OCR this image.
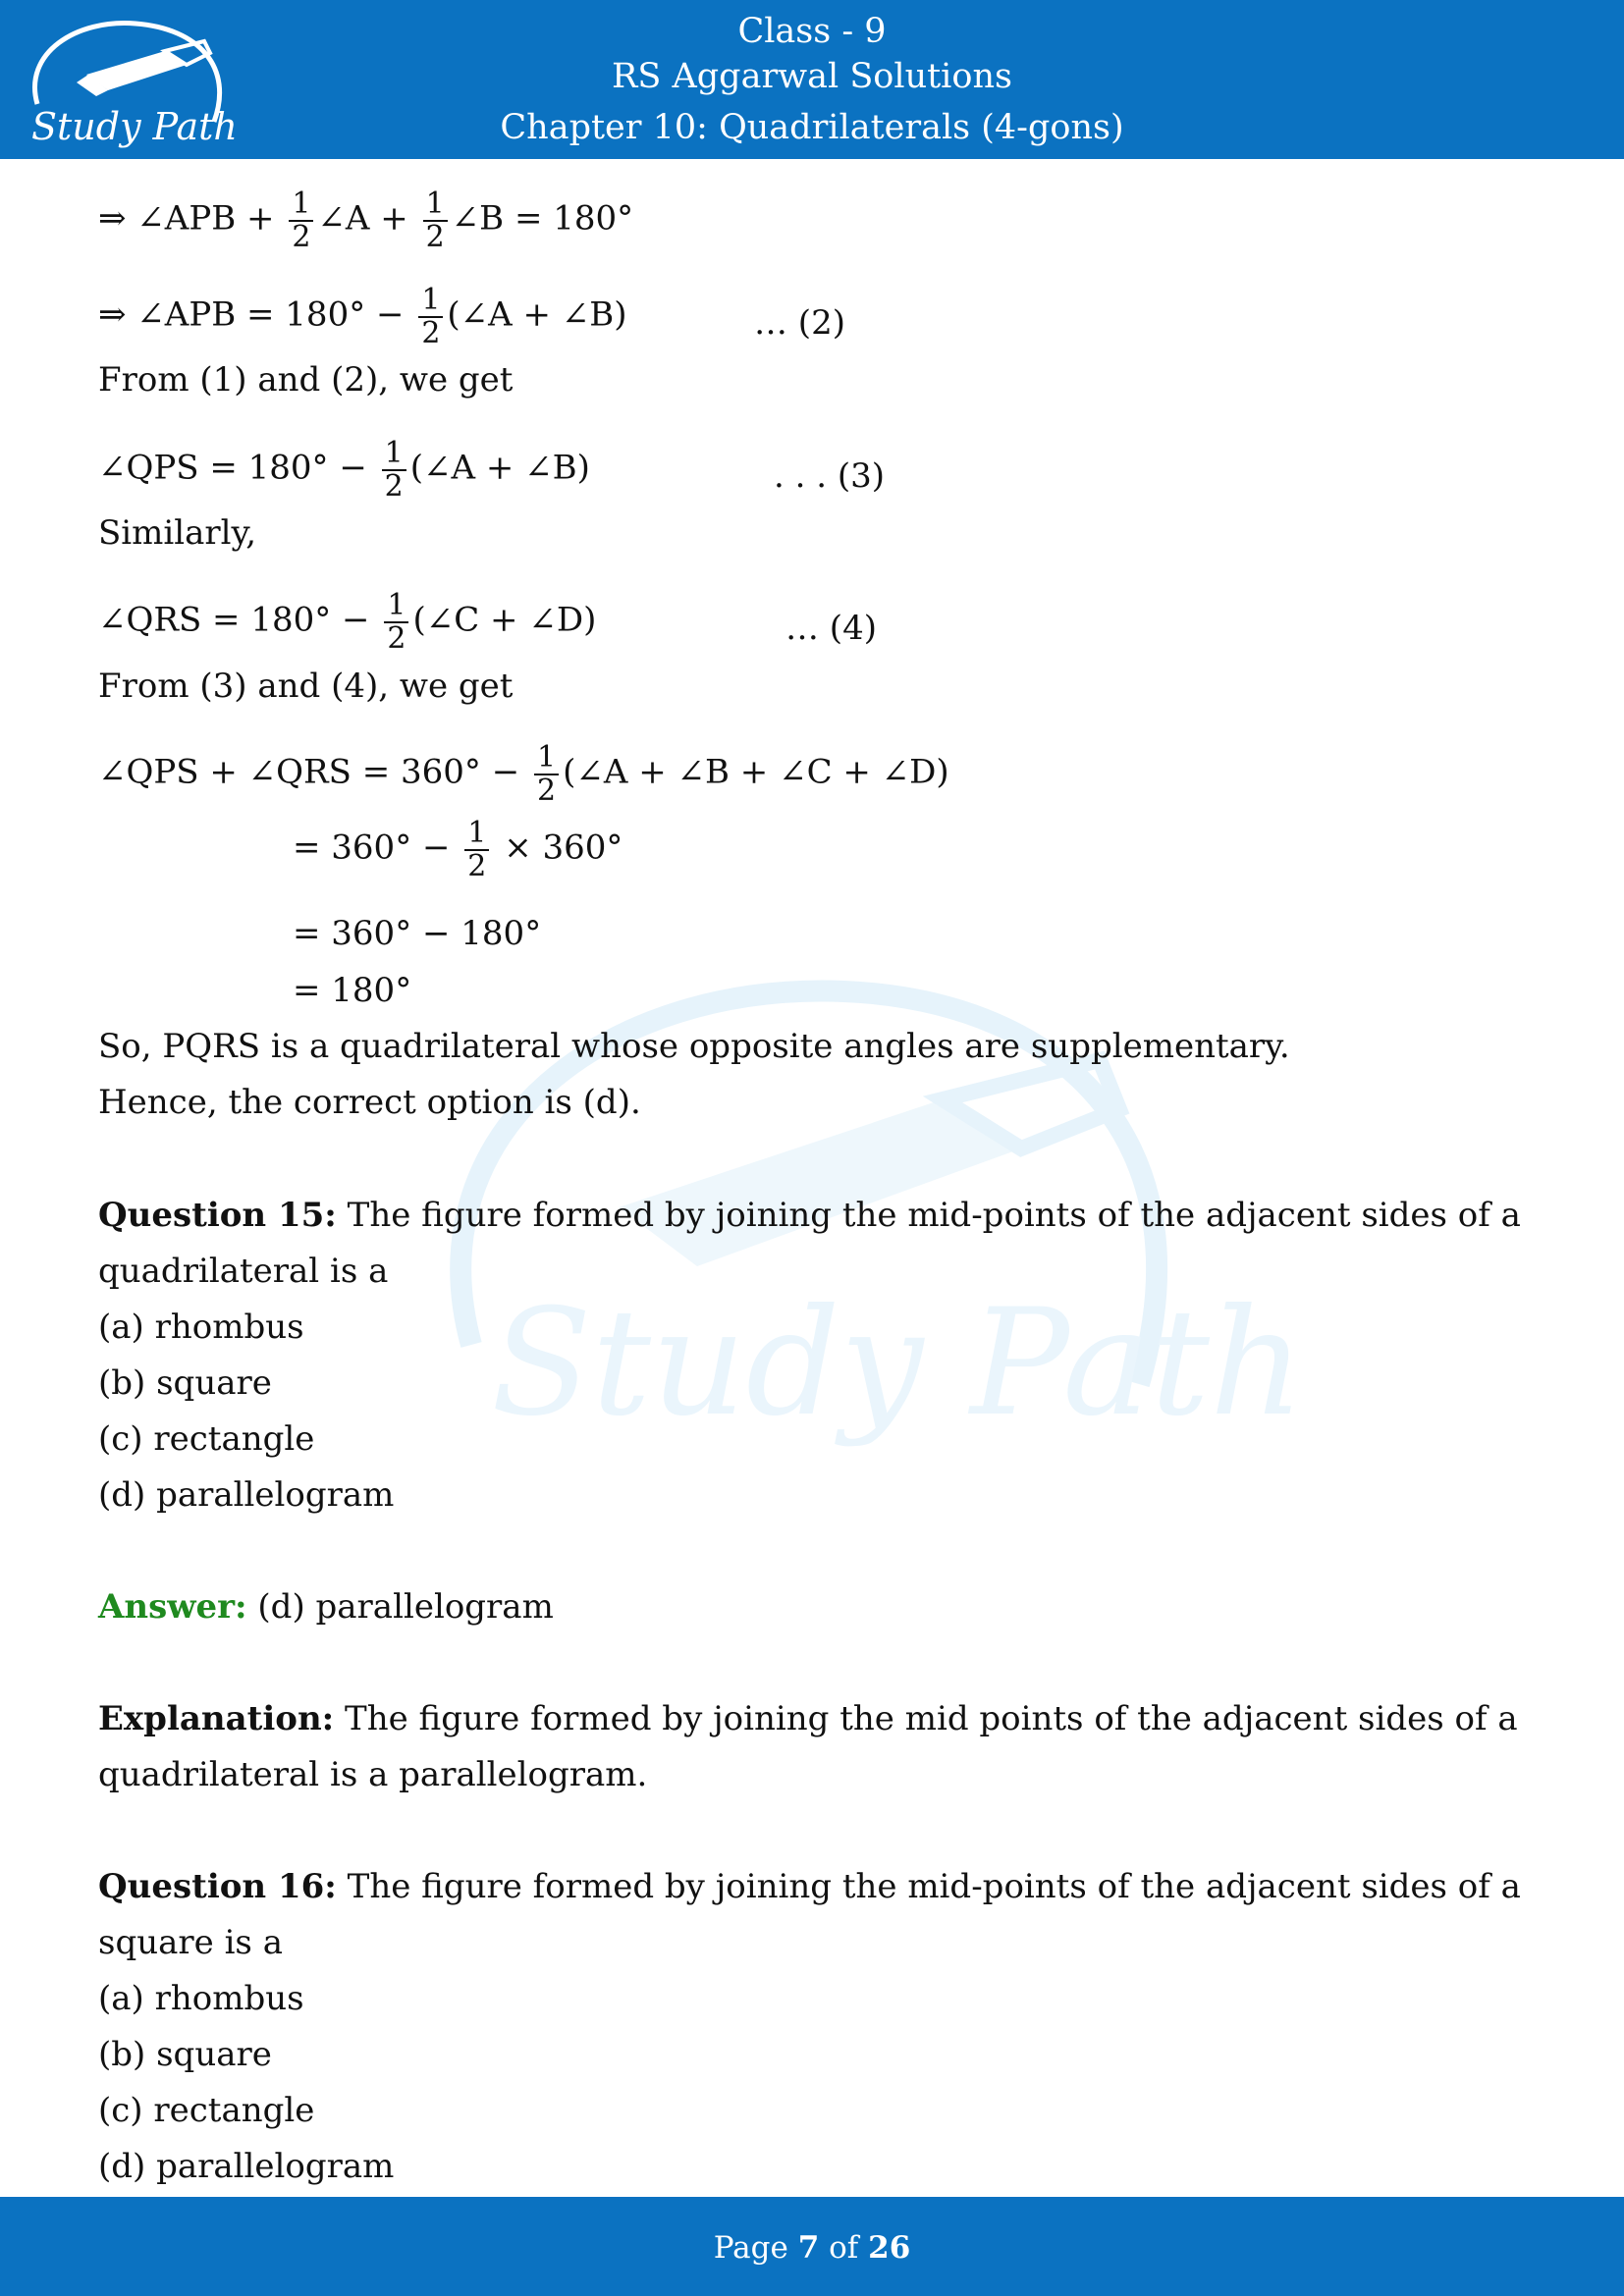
Study Path
Class - 9
RS Aggarwal Solutions
Chapter 10: Quadrilaterals (4-gons)
Study Path
⇒ ∠APB + $\frac{1}{2}$ ∠A + $\frac{1}{2}$ ∠B = 180°
⇒ ∠APB = $180^\circ - \frac{1}{2}$ (∠A + ∠B)	… (2)
From (1) and (2), we get
∠QPS = $180^\circ - \frac{1}{2}$ (∠A + ∠B)	. . . (3)
Similarly,
∠QRS = $180^\circ - \frac{1}{2}$ (∠C + ∠D)	… (4)
From (3) and (4), we get
∠QPS + ∠QRS = $360^\circ - \frac{1}{2}$ (∠A + ∠B + ∠C + ∠D)
= $360^\circ - \frac{1}{2} \times 360^\circ$
= 360° − 180°
= 180°
So, PQRS is a quadrilateral whose opposite angles are supplementary.
Hence, the correct option is (d).
Question 15: The figure formed by joining the mid-points of the adjacent sides of a
quadrilateral is a
(a) rhombus
(b) square
(c) rectangle
(d) parallelogram
Answer: (d) parallelogram
Explanation: The figure formed by joining the mid points of the adjacent sides of a
quadrilateral is a parallelogram.
Question 16: The figure formed by joining the mid-points of the adjacent sides of a
square is a
(a) rhombus
(b) square
(c) rectangle
(d) parallelogram
Page 7 of 26
